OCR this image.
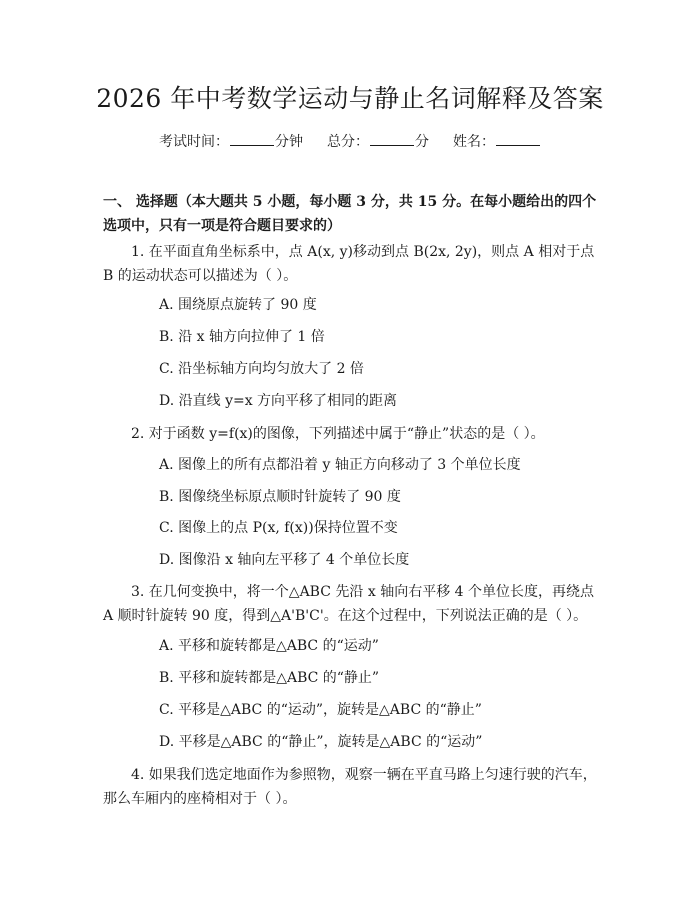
2026 年中考数学运动与静止名词解释及答案
考试时间：	分钟 总分：	分 姓名：
一、 选择题（本大题共 5 小题，每小题 3 分，共 15 分。在每小题给出的四个选项中，只有一项是符合题目要求的）
1. 在平面直角坐标系中，点 A(x, y)移动到点 B(2x, 2y)，则点 A 相对于点 B 的运动状态可以描述为（ ）。
A. 围绕原点旋转了 90 度
B. 沿 x 轴方向拉伸了 1 倍
C. 沿坐标轴方向均匀放大了 2 倍
D. 沿直线 y=x 方向平移了相同的距离
2. 对于函数 y=f(x)的图像，下列描述中属于“静止”状态的是（ ）。
A. 图像上的所有点都沿着 y 轴正方向移动了 3 个单位长度
B. 图像绕坐标原点顺时针旋转了 90 度
C. 图像上的点 P(x, f(x))保持位置不变
D. 图像沿 x 轴向左平移了 4 个单位长度
3. 在几何变换中，将一个△ABC 先沿 x 轴向右平移 4 个单位长度，再绕点 A 顺时针旋转 90 度，得到△A'B'C'。在这个过程中，下列说法正确的是（ ）。
A. 平移和旋转都是△ABC 的“运动”
B. 平移和旋转都是△ABC 的“静止”
C. 平移是△ABC 的“运动”，旋转是△ABC 的“静止”
D. 平移是△ABC 的“静止”，旋转是△ABC 的“运动”
4. 如果我们选定地面作为参照物，观察一辆在平直马路上匀速行驶的汽车，那么车厢内的座椅相对于（ ）。
